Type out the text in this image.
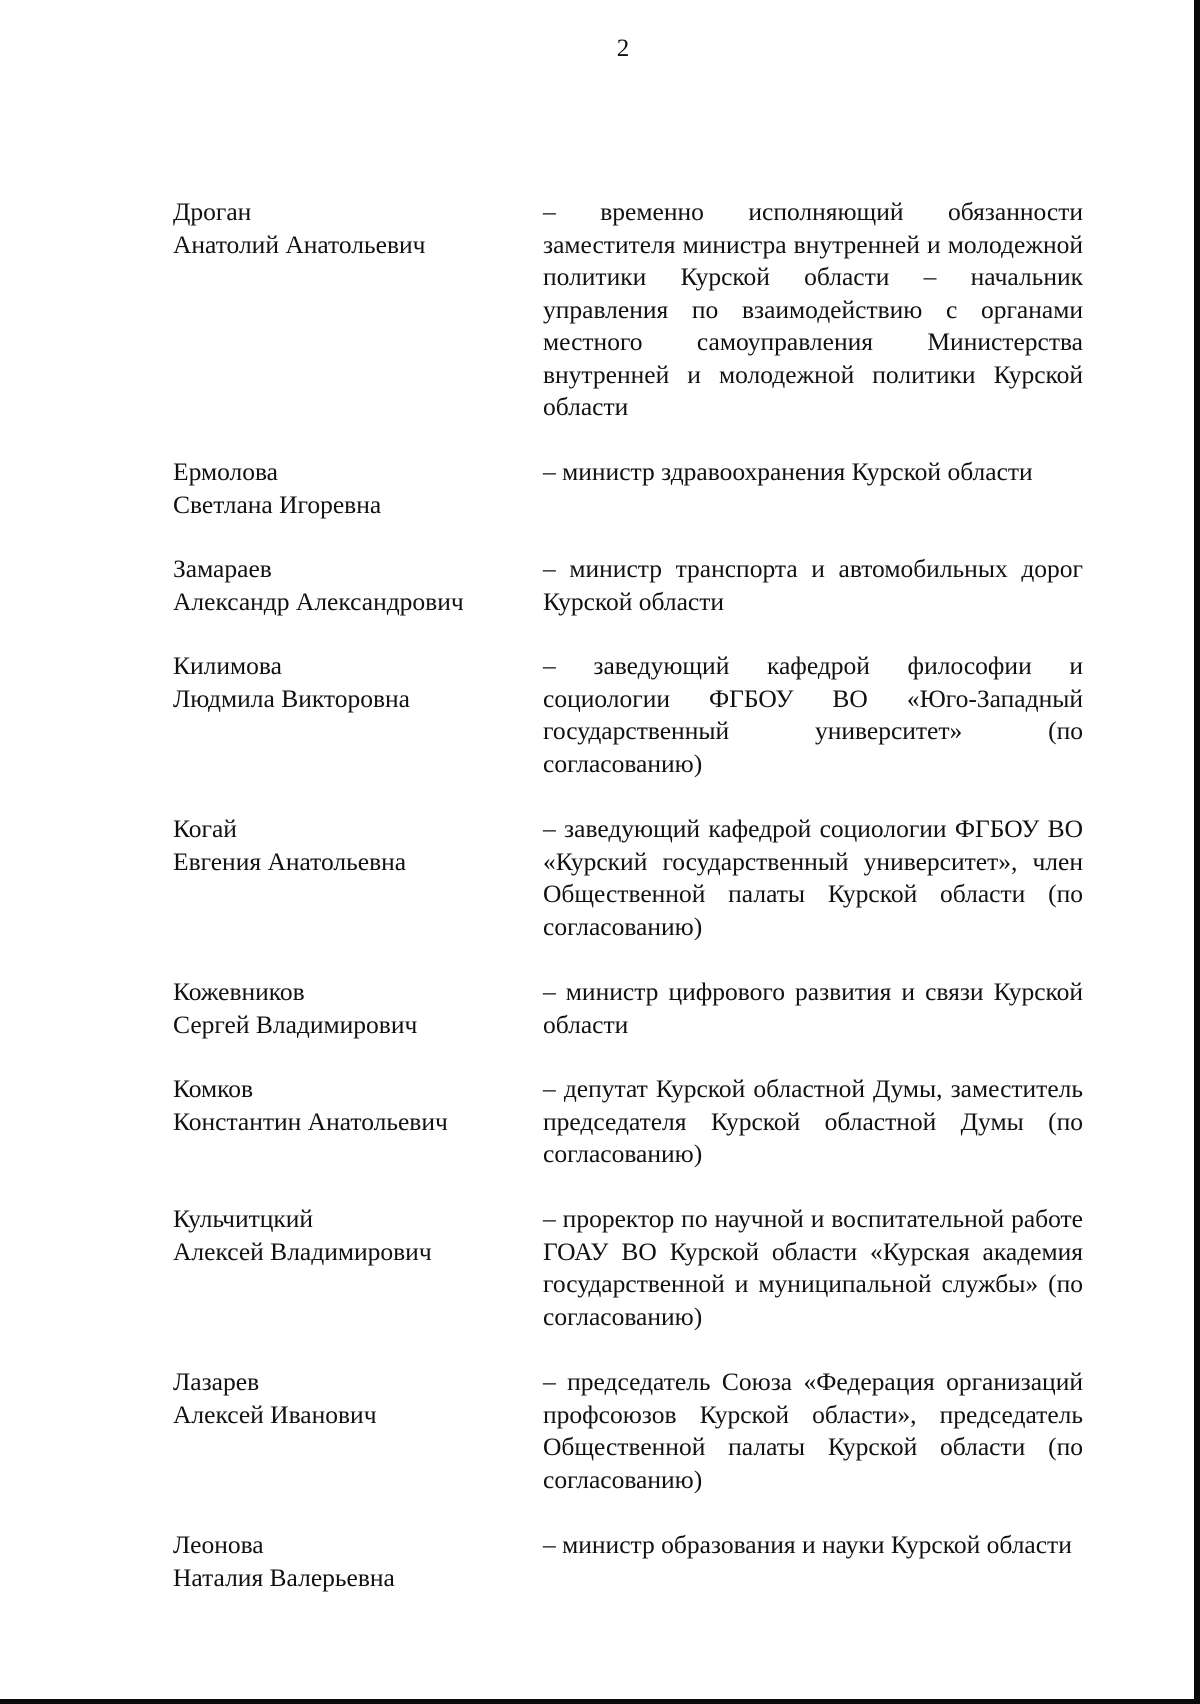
2
Дроган
Анатолий Анатольевич
– временно исполняющий обязанности заместителя министра внутренней и молодежной политики Курской области – начальник управления по взаимодействию с органами местного самоуправления Министерства внутренней и молодежной политики Курской области
Ермолова
Светлана Игоревна
– министр здравоохранения Курской области
Замараев
Александр Александрович
– министр транспорта и автомобильных дорог Курской области
Килимова
Людмила Викторовна
– заведующий кафедрой философии и социологии ФГБОУ ВО «Юго-Западный государственный университет» (по согласованию)
Когай
Евгения Анатольевна
– заведующий кафедрой социологии ФГБОУ ВО «Курский государственный университет», член Общественной палаты Курской области (по согласованию)
Кожевников
Сергей Владимирович
– министр цифрового развития и связи Курской области
Комков
Константин Анатольевич
– депутат Курской областной Думы, заместитель председателя Курской областной Думы (по согласованию)
Кульчитцкий
Алексей Владимирович
– проректор по научной и воспитательной работе ГОАУ ВО Курской области «Курская академия государственной и муниципальной службы» (по согласованию)
Лазарев
Алексей Иванович
– председатель Союза «Федерация организаций профсоюзов Курской области», председатель Общественной палаты Курской области (по согласованию)
Леонова
Наталия Валерьевна
– министр образования и науки Курской области
